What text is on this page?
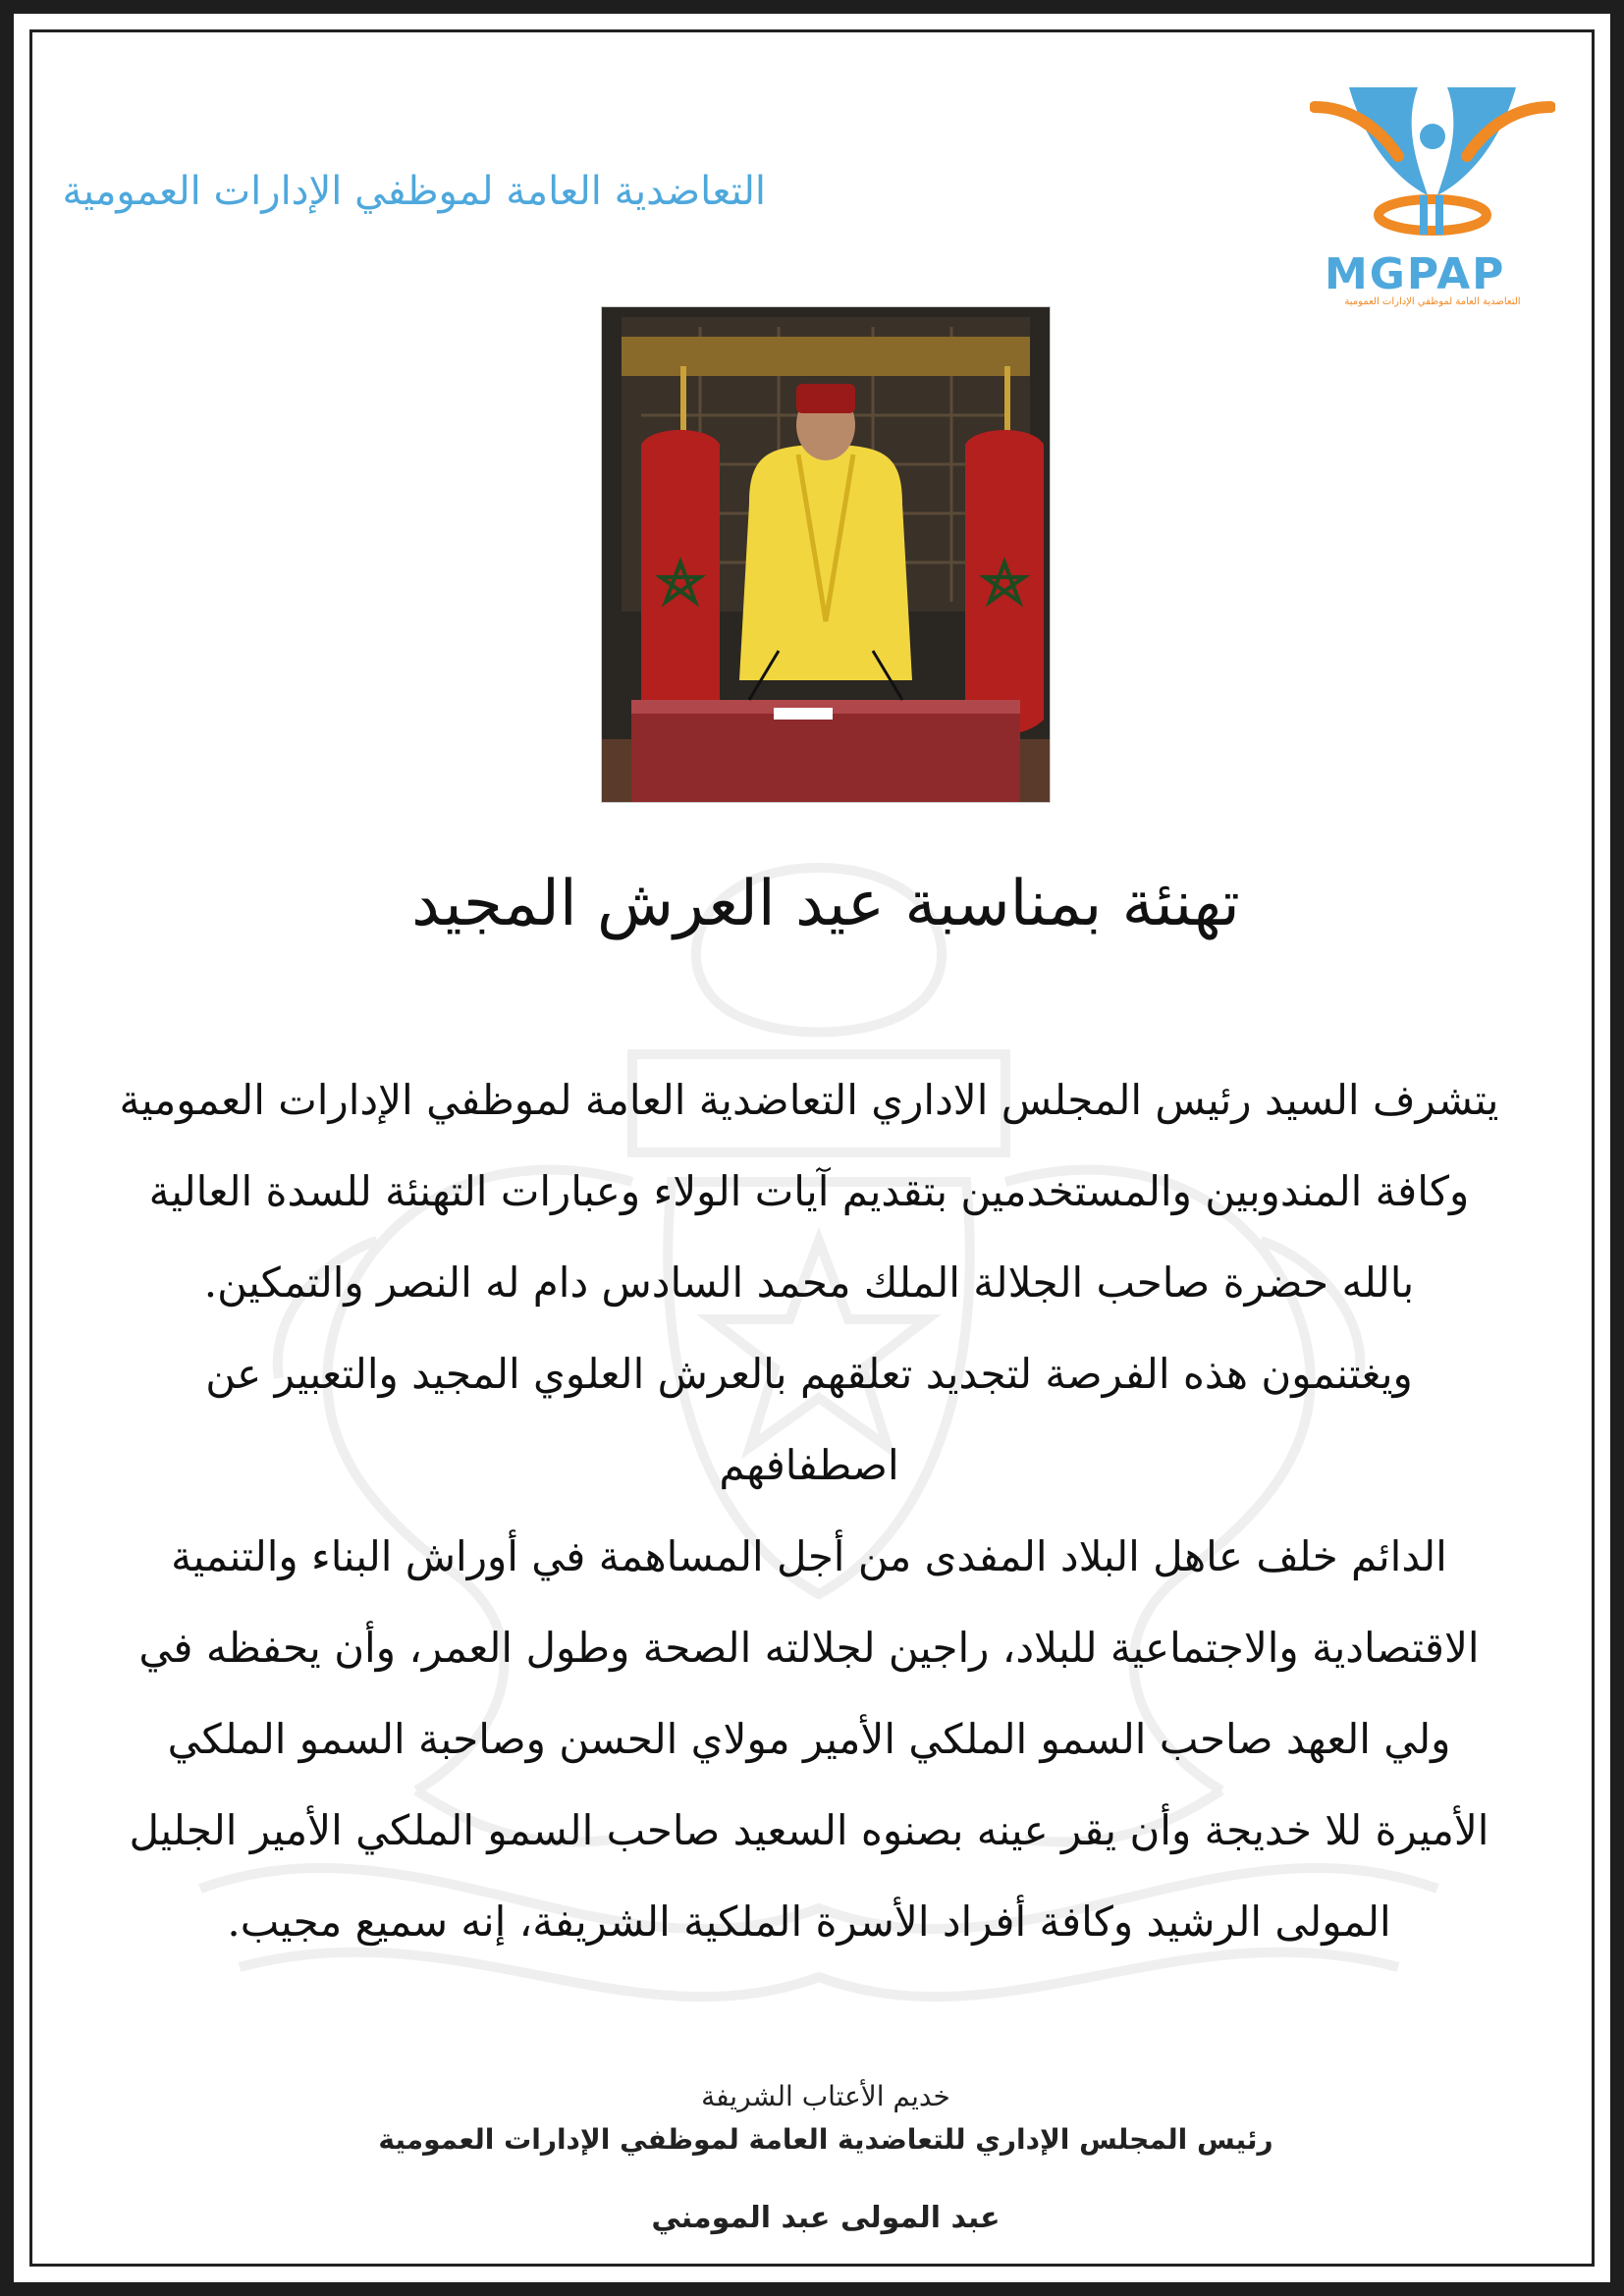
التعاضدية العامة لموظفي الإدارات العمومية
MGPAP
التعاضدية العامة لموظفي الإدارات العمومية
تهنئة بمناسبة عيد العرش المجيد

يتشرف السيد رئيس المجلس الاداري التعاضدية العامة لموظفي الإدارات العمومية

وكافة المندوبين والمستخدمين بتقديم آيات الولاء وعبارات التهنئة للسدة العالية

بالله حضرة صاحب الجلالة الملك محمد السادس دام له النصر والتمكين.

ويغتنمون هذه الفرصة لتجديد تعلقهم بالعرش العلوي المجيد والتعبير عن اصطفافهم

الدائم خلف عاهل البلاد المفدى من أجل المساهمة في أوراش البناء والتنمية

الاقتصادية والاجتماعية للبلاد، راجين لجلالته الصحة وطول العمر، وأن يحفظه في

ولي العهد صاحب السمو الملكي الأمير مولاي الحسن وصاحبة السمو الملكي

الأميرة للا خديجة وأن يقر عينه بصنوه السعيد صاحب السمو الملكي الأمير الجليل

المولى الرشيد وكافة أفراد الأسرة الملكية الشريفة، إنه سميع مجيب.

خديم الأعتاب الشريفة
رئيس المجلس الإداري للتعاضدية العامة لموظفي الإدارات العمومية
عبد المولى عبد المومني
